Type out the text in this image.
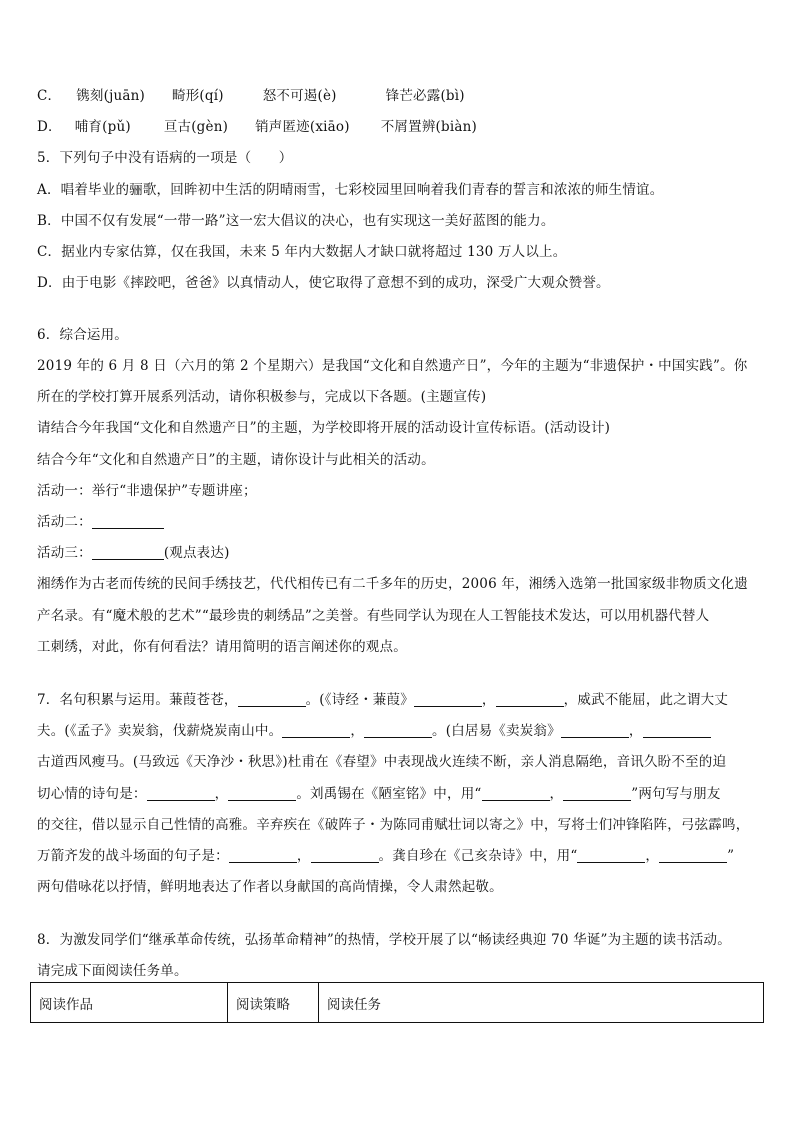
C． 镌刻(juān) 畸形(qí)	怒不可遏(è)	锋芒必露(bì)
D． 哺育(pǔ) 亘古(gèn) 销声匿迹(xiāo) 不屑置辨(biàn)
5．下列句子中没有语病的一项是（　　）
A．唱着毕业的骊歌，回眸初中生活的阴晴雨雪，七彩校园里回响着我们青春的誓言和浓浓的师生情谊。
B．中国不仅有发展“一带一路”这一宏大倡议的决心，也有实现这一美好蓝图的能力。
C．据业内专家估算，仅在我国，未来 5 年内大数据人才缺口就将超过 130 万人以上。
D．由于电影《摔跤吧，爸爸》以真情动人，使它取得了意想不到的成功，深受广大观众赞誉。
6．综合运用。
2019 年的 6 月 8 日（六月的第 2 个星期六）是我国“文化和自然遗产日”，今年的主题为“非遗保护・中国实践”。你
所在的学校打算开展系列活动，请你积极参与，完成以下各题。(主题宣传)
请结合今年我国“文化和自然遗产日”的主题，为学校即将开展的活动设计宣传标语。(活动设计)
结合今年“文化和自然遗产日”的主题，请你设计与此相关的活动。
活动一：举行“非遗保护”专题讲座；
活动二：
活动三：	(观点表达)
湘绣作为古老而传统的民间手绣技艺，代代相传已有二千多年的历史，2006 年，湘绣入选第一批国家级非物质文化遗
产名录。有“魔术般的艺术”“最珍贵的刺绣品”之美誉。有些同学认为现在人工智能技术发达，可以用机器代替人
工刺绣，对此，你有何看法？请用简明的语言阐述你的观点。
7．名句积累与运用。蒹葭苍苍，	。(《诗经・蒹葭》	，	，威武不能屈，此之谓大丈
夫。(《孟子》卖炭翁，伐薪烧炭南山中。	，	。(白居易《卖炭翁》	，
古道西风瘦马。(马致远《天净沙・秋思》)杜甫在《春望》中表现战火连续不断，亲人消息隔绝，音讯久盼不至的迫
切心情的诗句是：	，	。刘禹锡在《陋室铭》中，用“	，	”两句写与朋友
的交往，借以显示自己性情的高雅。辛弃疾在《破阵子・为陈同甫赋壮词以寄之》中，写将士们冲锋陷阵，弓弦霹鸣，
万箭齐发的战斗场面的句子是：	，	。龚自珍在《己亥杂诗》中，用“	，	”
两句借咏花以抒情，鲜明地表达了作者以身献国的高尚情操，令人肃然起敬。
8．为激发同学们“继承革命传统，弘扬革命精神”的热情，学校开展了以“畅读经典迎 70 华诞”为主题的读书活动。
请完成下面阅读任务单。
阅读作品	阅读策略	阅读任务
